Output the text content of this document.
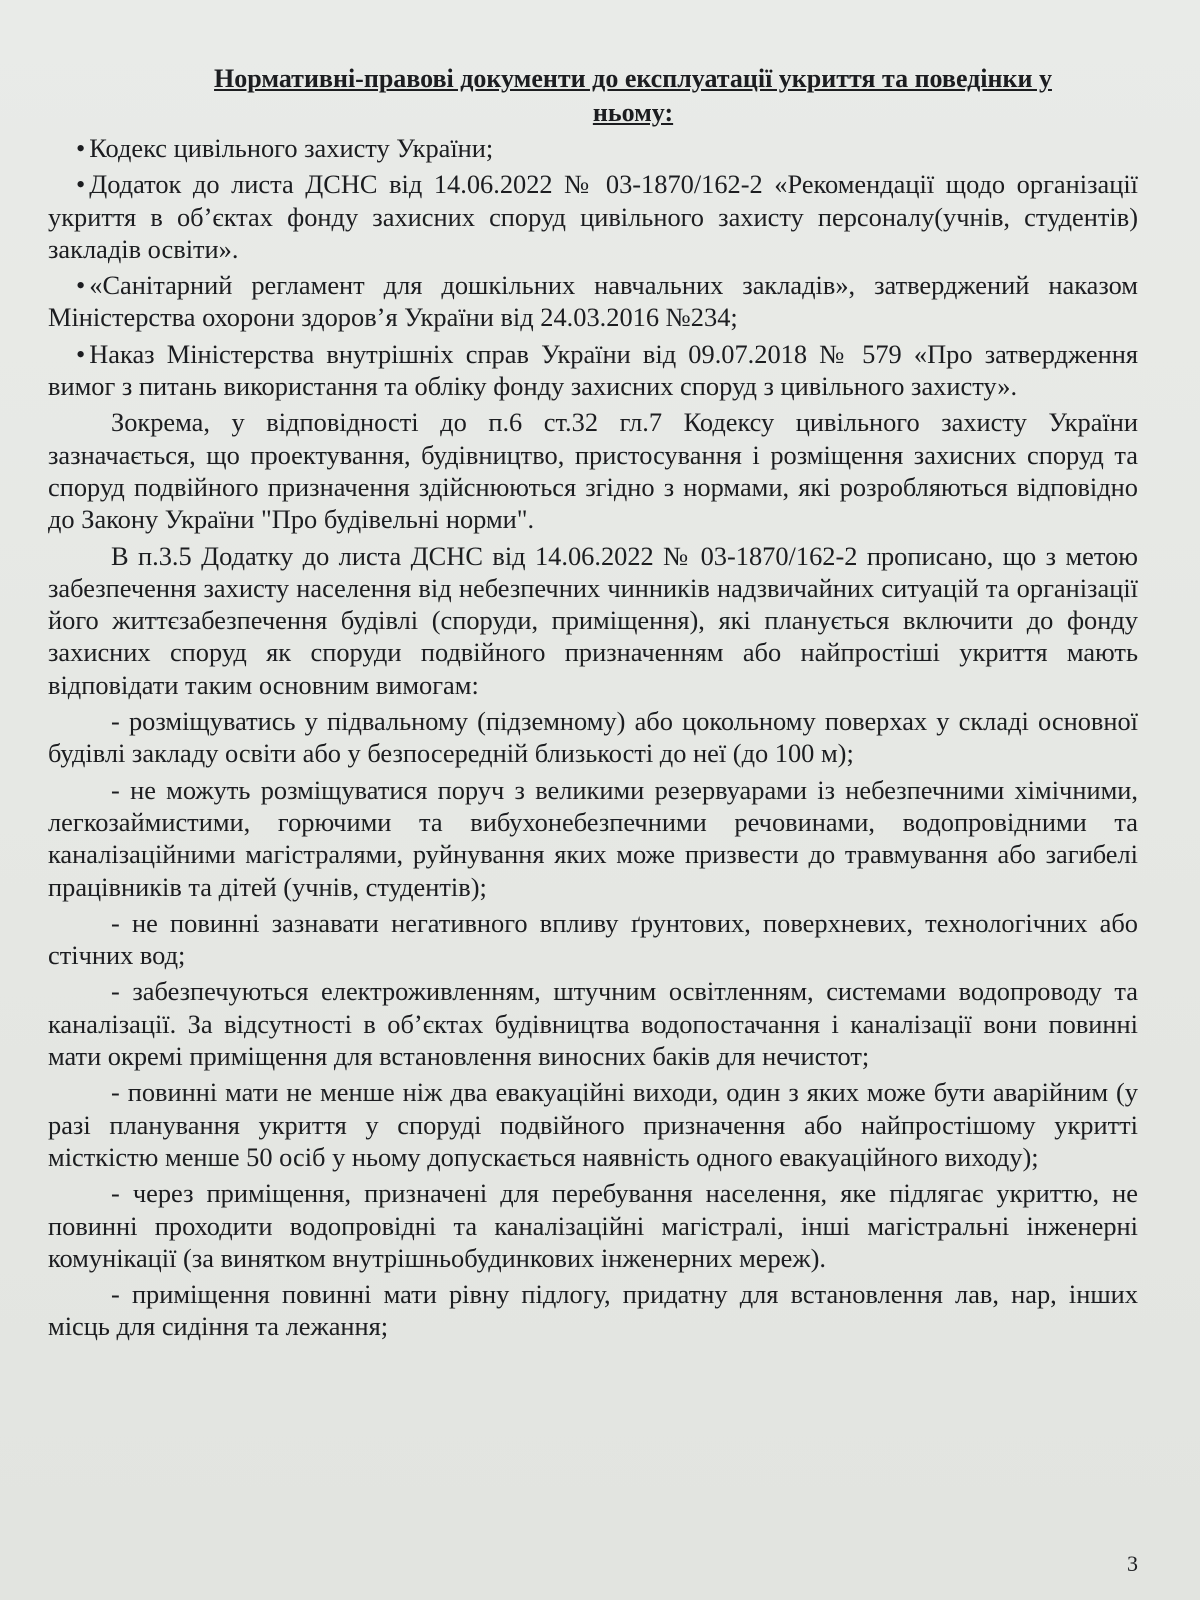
Нормативні-правові документи до експлуатації укриття та поведінки у ньому:

• Кодекс цивільного захисту України;

• Додаток до листа ДСНС від 14.06.2022 № 03-1870/162-2 «Рекомендації щодо організації укриття в об’єктах фонду захисних споруд цивільного захисту персоналу(учнів, студентів) закладів освіти».

• «Санітарний регламент для дошкільних навчальних закладів», затверджений наказом Міністерства охорони здоров’я України від 24.03.2016 №234;

• Наказ Міністерства внутрішніх справ України від 09.07.2018 № 579 «Про затвердження вимог з питань використання та обліку фонду захисних споруд з цивільного захисту».

Зокрема, у відповідності до п.6 ст.32 гл.7 Кодексу цивільного захисту України зазначається, що проектування, будівництво, пристосування і розміщення захисних споруд та споруд подвійного призначення здійснюються згідно з нормами, які розробляються відповідно до Закону України "Про будівельні норми".

В п.3.5 Додатку до листа ДСНС від 14.06.2022 № 03-1870/162-2 прописано, що з метою забезпечення захисту населення від небезпечних чинників надзвичайних ситуацій та організації його життєзабезпечення будівлі (споруди, приміщення), які планується включити до фонду захисних споруд як споруди подвійного призначенням або найпростіші укриття мають відповідати таким основним вимогам:

- розміщуватись у підвальному (підземному) або цокольному поверхах у складі основної будівлі закладу освіти або у безпосередній близькості до неї (до 100 м);

- не можуть розміщуватися поруч з великими резервуарами із небезпечними хімічними, легкозаймистими, горючими та вибухонебезпечними речовинами, водопровідними та каналізаційними магістралями, руйнування яких може призвести до травмування або загибелі працівників та дітей (учнів, студентів);

- не повинні зазнавати негативного впливу ґрунтових, поверхневих, технологічних або стічних вод;

- забезпечуються електроживленням, штучним освітленням, системами водопроводу та каналізації. За відсутності в об’єктах будівництва водопостачання і каналізації вони повинні мати окремі приміщення для встановлення виносних баків для нечистот;

- повинні мати не менше ніж два евакуаційні виходи, один з яких може бути аварійним (у разі планування укриття у споруді подвійного призначення або найпростішому укритті місткістю менше 50 осіб у ньому допускається наявність одного евакуаційного виходу);

- через приміщення, призначені для перебування населення, яке підлягає укриттю, не повинні проходити водопровідні та каналізаційні магістралі, інші магістральні інженерні комунікації (за винятком внутрішньобудинкових інженерних мереж).

- приміщення повинні мати рівну підлогу, придатну для встановлення лав, нар, інших місць для сидіння та лежання;

3
